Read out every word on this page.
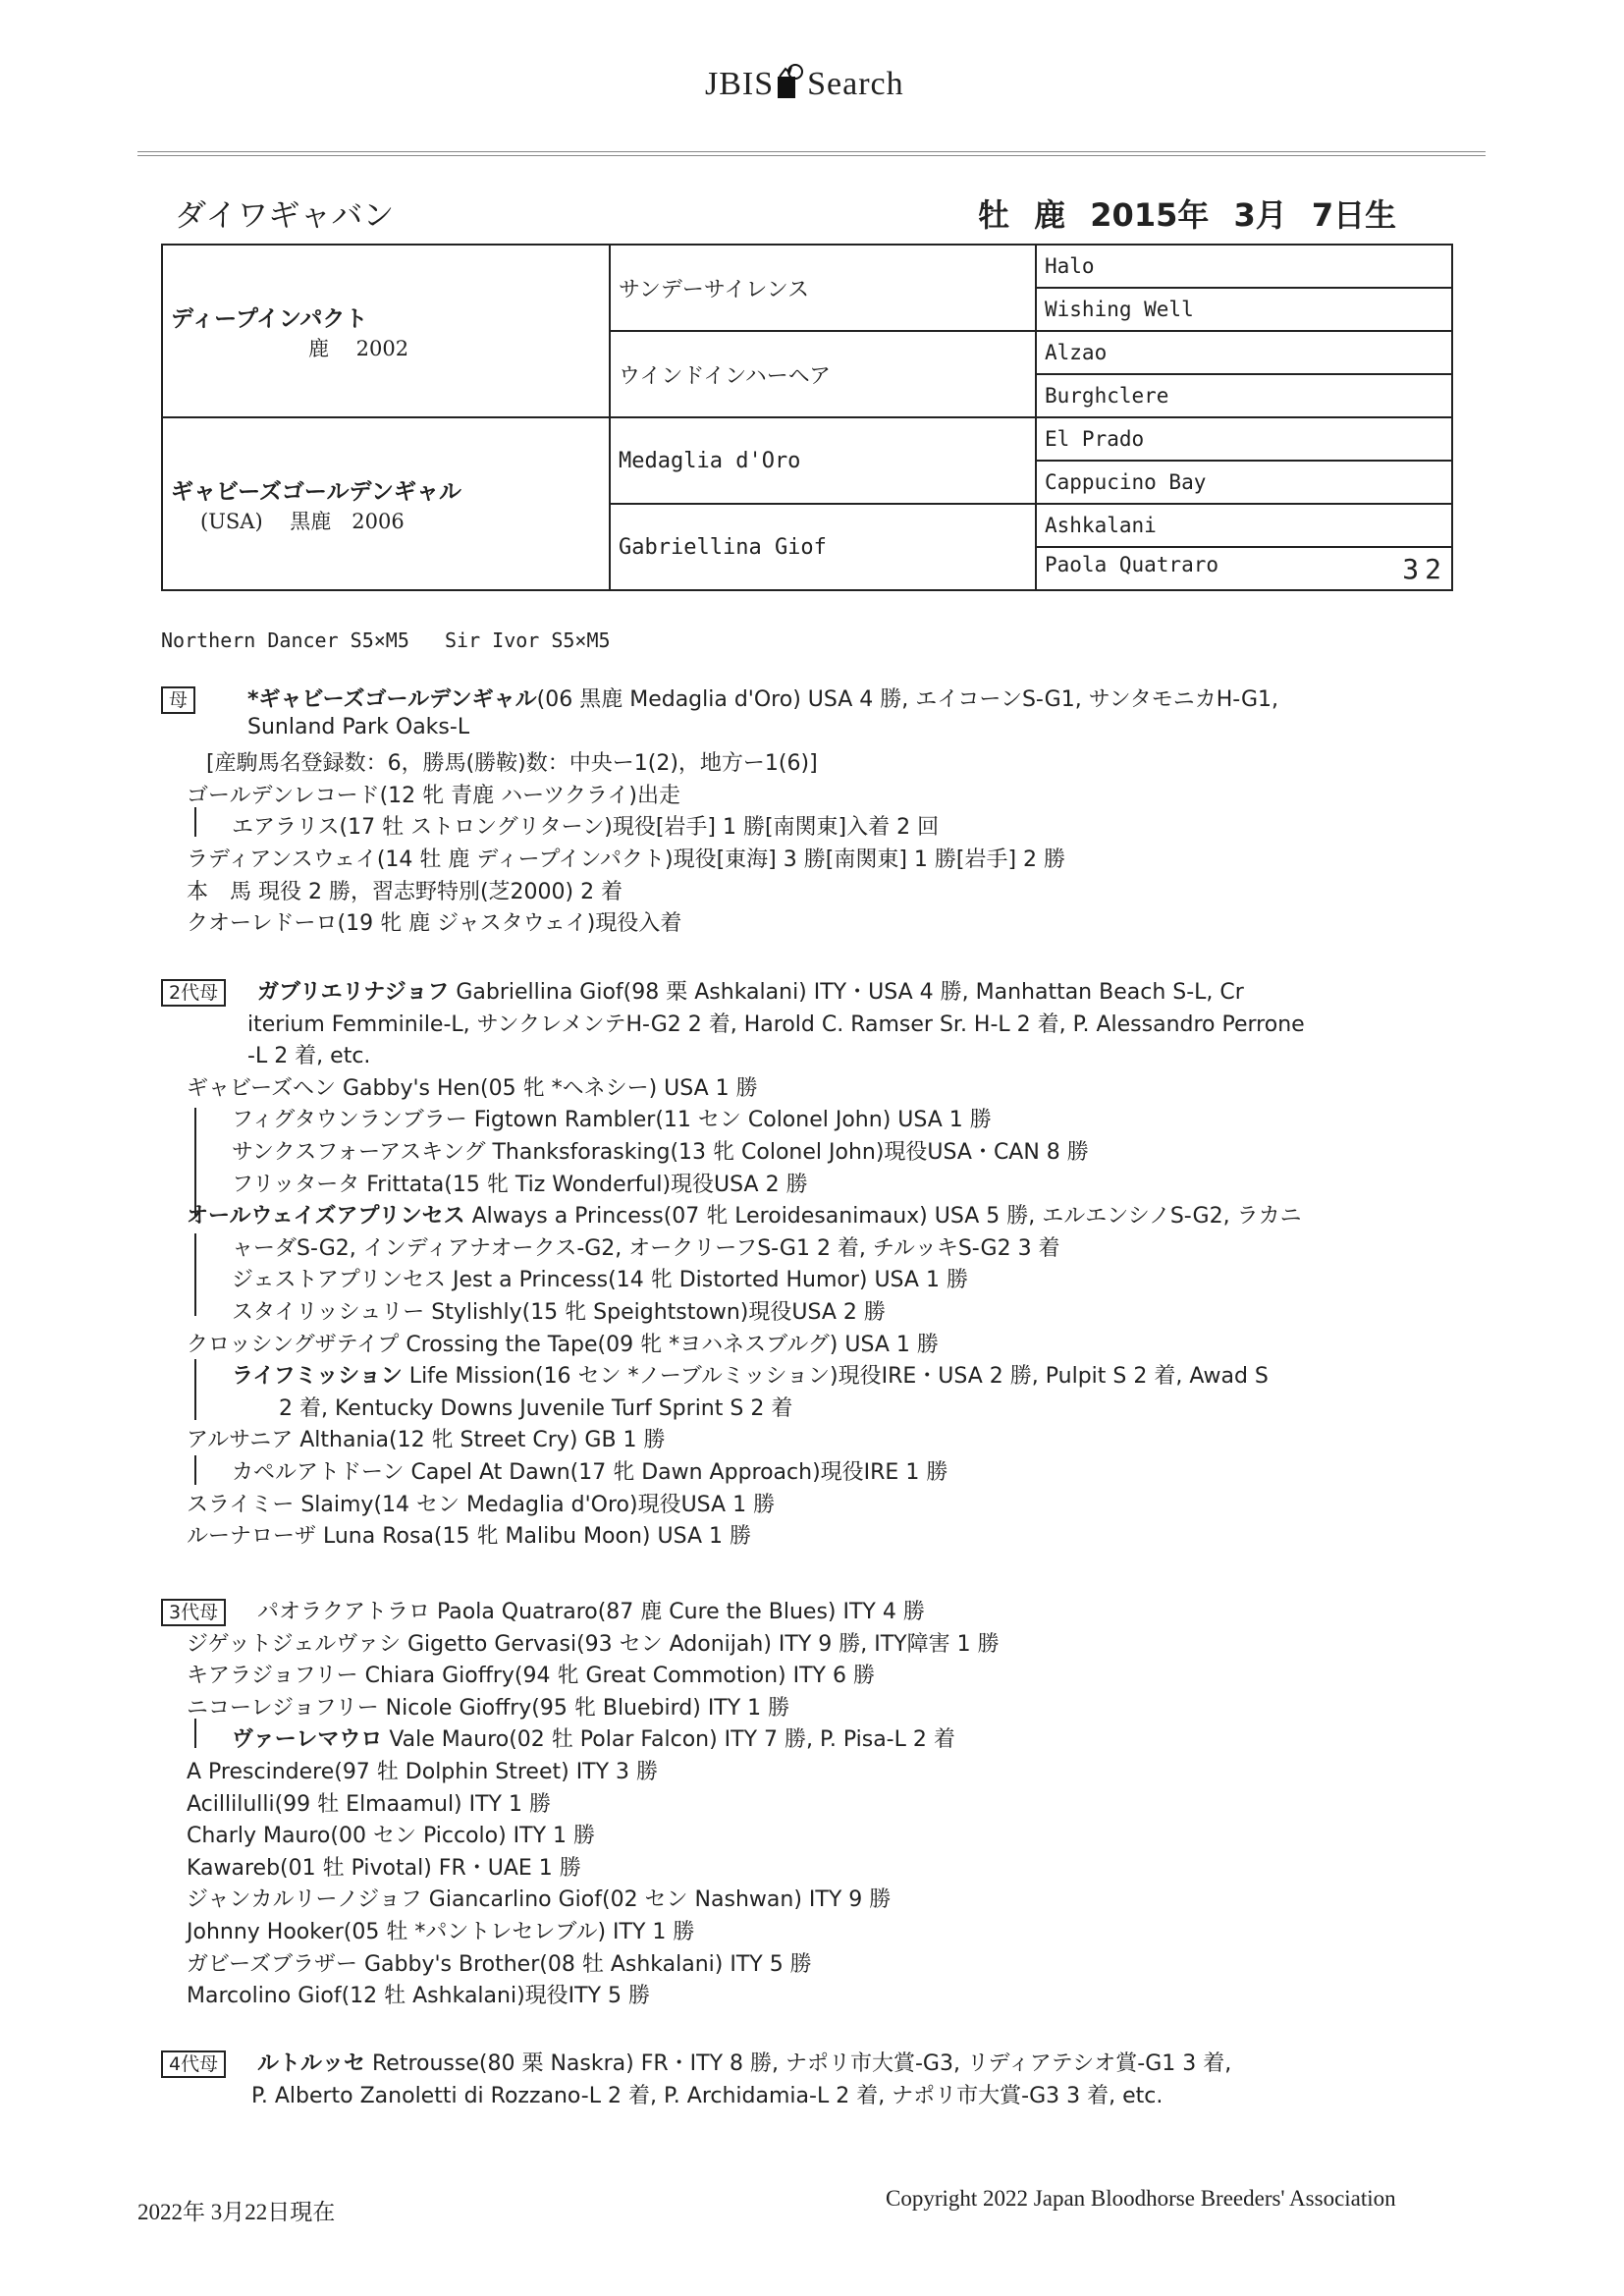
JBIS Search
ダイワギャバン	牡 鹿 2015年 3月 7日生
ディープインパクト
鹿　 2002	サンデーサイレンス	Halo
		Wishing Well
	ウインドインハーヘア	Alzao
		Burghclere

ギャビーズゴールデンギャル
(USA)　 黒鹿　2006	Medaglia d'Oro	El Prado
		Cappucino Bay
	Gabriellina Giof	Ashkalani
		Paola Quatraro 32
Northern Dancer S5×M5   Sir Ivor S5×M5
母	*ギャビーズゴールデンギャル(06 黒鹿 Medaglia d'Oro) USA 4 勝, エイコーンS-G1, サンタモニカH-G1,
Sunland Park Oaks-L
[産駒馬名登録数：6，勝馬(勝鞍)数：中央ー1(2)，地方ー1(6)]
ゴールデンレコード(12 牝 青鹿 ハーツクライ)出走
エアラリス(17 牡 ストロングリターン)現役[岩手] 1 勝[南関東]入着 2 回
ラディアンスウェイ(14 牡 鹿 ディープインパクト)現役[東海] 3 勝[南関東] 1 勝[岩手] 2 勝
本　馬 現役 2 勝，習志野特別(芝2000) 2 着
クオーレドーロ(19 牝 鹿 ジャスタウェイ)現役入着
2代母	ガブリエリナジョフ Gabriellina Giof(98 栗 Ashkalani) ITY・USA 4 勝, Manhattan Beach S-L, Cr
iterium Femminile-L, サンクレメンテH-G2 2 着, Harold C. Ramser Sr. H-L 2 着, P. Alessandro Perrone
-L 2 着, etc.
ギャビーズヘン Gabby's Hen(05 牝 *ヘネシー) USA 1 勝
フィグタウンランブラー Figtown Rambler(11 セン Colonel John) USA 1 勝
サンクスフォーアスキング Thanksforasking(13 牝 Colonel John)現役USA・CAN 8 勝
フリッタータ Frittata(15 牝 Tiz Wonderful)現役USA 2 勝
オールウェイズアプリンセス Always a Princess(07 牝 Leroidesanimaux) USA 5 勝, エルエンシノS-G2, ラカニ
ャーダS-G2, インディアナオークス-G2, オークリーフS-G1 2 着, チルッキS-G2 3 着
ジェストアプリンセス Jest a Princess(14 牝 Distorted Humor) USA 1 勝
スタイリッシュリー Stylishly(15 牝 Speightstown)現役USA 2 勝
クロッシングザテイプ Crossing the Tape(09 牝 *ヨハネスブルグ) USA 1 勝
ライフミッション Life Mission(16 セン *ノーブルミッション)現役IRE・USA 2 勝, Pulpit S 2 着, Awad S
2 着, Kentucky Downs Juvenile Turf Sprint S 2 着
アルサニア Althania(12 牝 Street Cry) GB 1 勝
カペルアトドーン Capel At Dawn(17 牝 Dawn Approach)現役IRE 1 勝
スライミー Slaimy(14 セン Medaglia d'Oro)現役USA 1 勝
ルーナローザ Luna Rosa(15 牝 Malibu Moon) USA 1 勝
3代母	パオラクアトラロ Paola Quatraro(87 鹿 Cure the Blues) ITY 4 勝
ジゲットジェルヴァシ Gigetto Gervasi(93 セン Adonijah) ITY 9 勝, ITY障害 1 勝
キアラジョフリー Chiara Gioffry(94 牝 Great Commotion) ITY 6 勝
ニコーレジョフリー Nicole Gioffry(95 牝 Bluebird) ITY 1 勝
ヴァーレマウロ Vale Mauro(02 牡 Polar Falcon) ITY 7 勝, P. Pisa-L 2 着
A Prescindere(97 牡 Dolphin Street) ITY 3 勝
Acillilulli(99 牡 Elmaamul) ITY 1 勝
Charly Mauro(00 セン Piccolo) ITY 1 勝
Kawareb(01 牡 Pivotal) FR・UAE 1 勝
ジャンカルリーノジョフ Giancarlino Giof(02 セン Nashwan) ITY 9 勝
Johnny Hooker(05 牡 *パントレセレブル) ITY 1 勝
ガビーズブラザー Gabby's Brother(08 牡 Ashkalani) ITY 5 勝
Marcolino Giof(12 牡 Ashkalani)現役ITY 5 勝
4代母	ルトルッセ Retrousse(80 栗 Naskra) FR・ITY 8 勝, ナポリ市大賞-G3, リディアテシオ賞-G1 3 着,
P. Alberto Zanoletti di Rozzano-L 2 着, P. Archidamia-L 2 着, ナポリ市大賞-G3 3 着, etc.
2022年 3月22日現在
Copyright 2022 Japan Bloodhorse Breeders' Association
